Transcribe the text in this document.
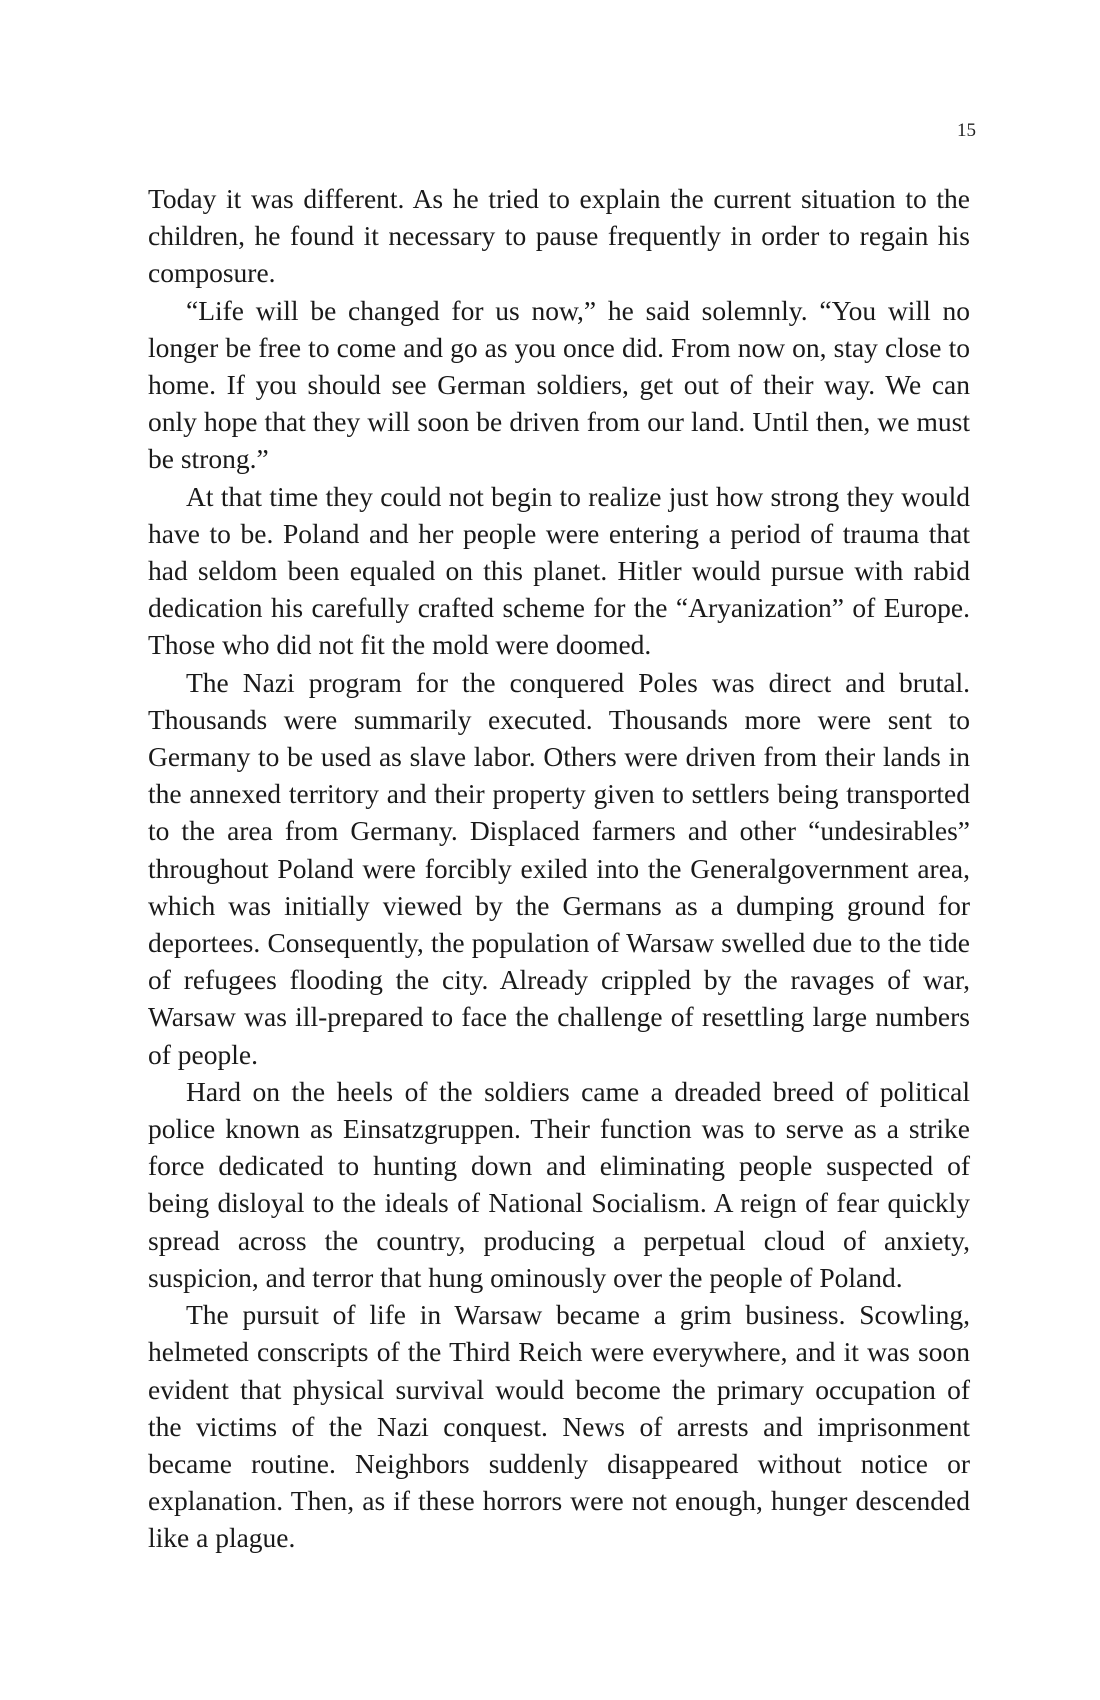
15

Today it was different. As he tried to explain the current situation to the children, he found it necessary to pause frequently in order to regain his composure.

“Life will be changed for us now,” he said solemnly. “You will no longer be free to come and go as you once did. From now on, stay close to home. If you should see German soldiers, get out of their way. We can only hope that they will soon be driven from our land. Until then, we must be strong.”

At that time they could not begin to realize just how strong they would have to be. Poland and her people were entering a period of trauma that had seldom been equaled on this planet. Hitler would pursue with rabid dedication his carefully crafted scheme for the “Aryanization” of Europe. Those who did not fit the mold were doomed.

The Nazi program for the conquered Poles was direct and brutal. Thousands were summarily executed. Thousands more were sent to Germany to be used as slave labor. Others were driven from their lands in the annexed territory and their property given to settlers being transported to the area from Germany. Displaced farmers and other “undesirables” throughout Poland were forcibly exiled into the Generalgovernment area, which was initially viewed by the Germans as a dumping ground for deportees. Consequently, the population of Warsaw swelled due to the tide of refugees flooding the city. Already crippled by the ravages of war, Warsaw was ill-prepared to face the challenge of resettling large numbers of people.

Hard on the heels of the soldiers came a dreaded breed of political police known as Einsatzgruppen. Their function was to serve as a strike force dedicated to hunting down and eliminating people suspected of being disloyal to the ideals of National Socialism. A reign of fear quickly spread across the country, producing a perpetual cloud of anxiety, suspicion, and terror that hung ominously over the people of Poland.

The pursuit of life in Warsaw became a grim business. Scowling, helmeted conscripts of the Third Reich were everywhere, and it was soon evident that physical survival would become the primary occupation of the victims of the Nazi conquest. News of arrests and imprisonment became routine. Neighbors suddenly disappeared without notice or explanation. Then, as if these horrors were not enough, hunger descended like a plague.
